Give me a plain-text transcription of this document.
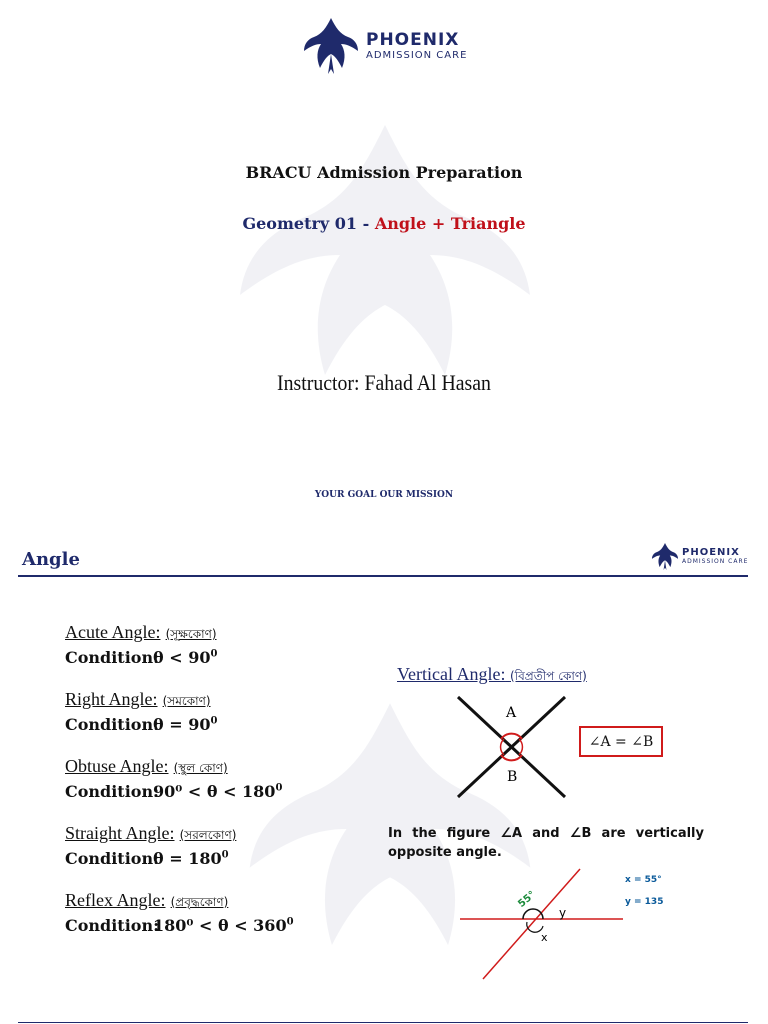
PHOENIX
ADMISSION CARE
BRACU Admission Preparation
Geometry 01 - Angle + Triangle
Instructor: Fahad Al Hasan
YOUR GOAL OUR MISSION
Angle	PHOENIX
ADMISSION CARE
Acute Angle: (সূক্ষকোণ)
Condition:θ < $90^0$
Right Angle: (সমকোণ)
Condition:θ = $90^0$
Obtuse Angle: (স্থুল কোণ)
Condition:90⁰ < $\theta < 180^0$
Straight Angle: (সরলকোণ)
Condition:θ = $180^0$
Reflex Angle: (প্রবৃদ্ধকোণ)
Condition:180⁰ < $\theta < 360^0$
Vertical Angle: (বিপ্রতীপ কোণ)
A
B
∠A = ∠B
In the figure ∠A and ∠B are vertically opposite angle.
55°
y
x
x = 55°
y = 135
